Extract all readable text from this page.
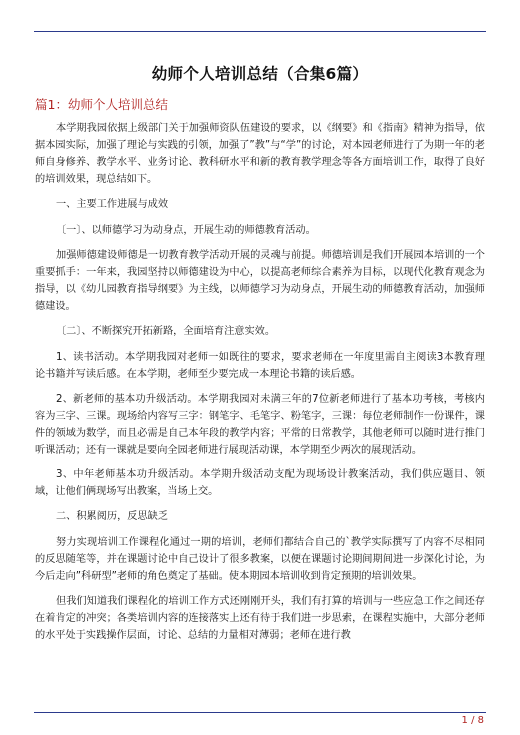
幼师个人培训总结（合集6篇）
篇1：幼师个人培训总结

本学期我园依据上级部门关于加强师资队伍建设的要求，以《纲要》和《指南》精神为指导，依据本园实际，加强了理论与实践的引领，加强了”教”与“学”的讨论，对本园老师进行了为期一年的老师自身修养、教学水平、业务讨论、教科研水平和新的教育教学理念等各方面培训工作，取得了良好的培训效果，现总结如下。

一、主要工作进展与成效

〔一〕、以师德学习为动身点，开展生动的师德教育活动。

加强师德建设师德是一切教育教学活动开展的灵魂与前提。师德培训是我们开展园本培训的一个重要抓手：一年来，我园坚持以师德建设为中心，以提高老师综合素养为目标，以现代化教育观念为指导，以《幼儿园教育指导纲要》为主线，以师德学习为动身点，开展生动的师德教育活动，加强师德建设。

〔二〕、不断探究开拓新路，全面培育注意实效。

1、读书活动。本学期我园对老师一如既往的要求，要求老师在一年度里需自主阅读3本教育理论书籍并写读后感。在本学期，老师至少要完成一本理论书籍的读后感。

2、新老师的基本功升级活动。本学期我园对未满三年的7位新老师进行了基本功考核，考核内容为三字、三课。现场给内容写三字：钢笔字、毛笔字、粉笔字，三课：每位老师制作一份课件，课件的领域为数学，而且必需是自己本年段的教学内容；平常的日常教学，其他老师可以随时进行推门听课活动；还有一课就是要向全园老师进行展现活动课，本学期至少两次的展现活动。

3、中年老师基本功升级活动。本学期升级活动支配为现场设计教案活动，我们供应题目、领域，让他们俩现场写出教案，当场上交。

二、积累阅历，反思缺乏

努力实现培训工作课程化通过一期的培训，老师们都结合自己的`教学实际撰写了内容不尽相同的反思随笔等，并在课题讨论中自己设计了很多教案，以便在课题讨论期间期间进一步深化讨论，为今后走向”科研型”老师的角色奠定了基础。使本期园本培训收到肯定预期的培训效果。

但我们知道我们课程化的培训工作方式还刚刚开头，我们有打算的培训与一些应急工作之间还存在着肯定的冲突；各类培训内容的连接落实上还有待于我们进一步思索，在课程实施中，大部分老师的水平处于实践操作层面，讨论、总结的力量相对薄弱；老师在进行教

1 / 8
